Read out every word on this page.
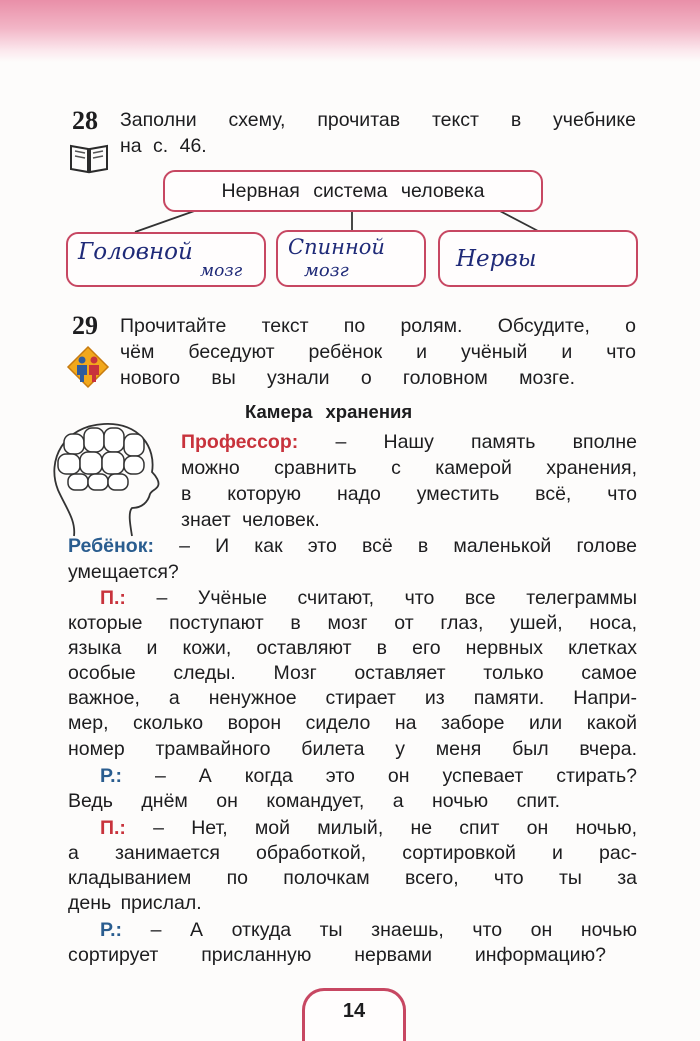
28 Заполни схему, прочитав текст в учебнике
на с. 46.
Нервная система человека
Головной
мозг
Спинной
мозг	Нервы
29 Прочитайте текст по ролям. Обсудите, о
чём беседуют ребёнок и учёный и что
нового вы узнали о головном мозге.
Камера хранения
Профессор: – Нашу память вполне
можно сравнить с камерой хранения,
в которую надо уместить всё, что
знает человек.
Ребёнок: – И как это всё в маленькой голове
умещается?
П.: – Учёные считают, что все телеграммы
которые поступают в мозг от глаз, ушей, носа,
языка и кожи, оставляют в его нервных клетках
особые следы. Мозг оставляет только самое
важное, а ненужное стирает из памяти. Напри-
мер, сколько ворон сидело на заборе или какой
номер трамвайного билета у меня был вчера.
Р.: – А когда это он успевает стирать?
Ведь днём он командует, а ночью спит.
П.: – Нет, мой милый, не спит он ночью,
а занимается обработкой, сортировкой и рас-
кладыванием по полочкам всего, что ты за
день прислал.
Р.: – А откуда ты знаешь, что он ночью
сортирует присланную нервами информацию?
14
